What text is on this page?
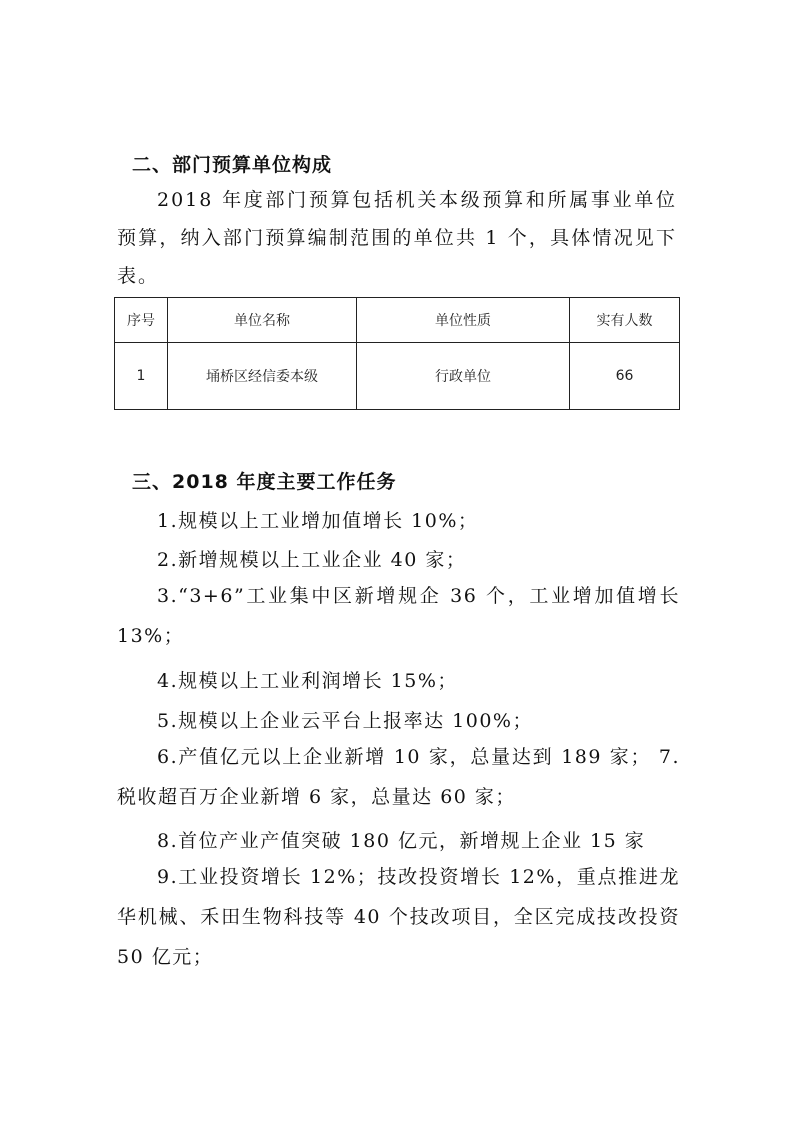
二、部门预算单位构成
2018 年度部门预算包括机关本级预算和所属事业单位预算，纳入部门预算编制范围的单位共 1 个，具体情况见下表。
序号	单位名称	单位性质	实有人数
1	埇桥区经信委本级	行政单位	66
三、2018 年度主要工作任务
1.规模以上工业增加值增长 10%；
2.新增规模以上工业企业 40 家；
3.“3+6”工业集中区新增规企 36 个，工业增加值增长 13%；
4.规模以上工业利润增长 15%；
5.规模以上企业云平台上报率达 100%；
6.产值亿元以上企业新增 10 家，总量达到 189 家； 7.税收超百万企业新增 6 家，总量达 60 家；
8.首位产业产值突破 180 亿元，新增规上企业 15 家
9.工业投资增长 12%；技改投资增长 12%，重点推进龙华机械、禾田生物科技等 40 个技改项目，全区完成技改投资 50 亿元；
